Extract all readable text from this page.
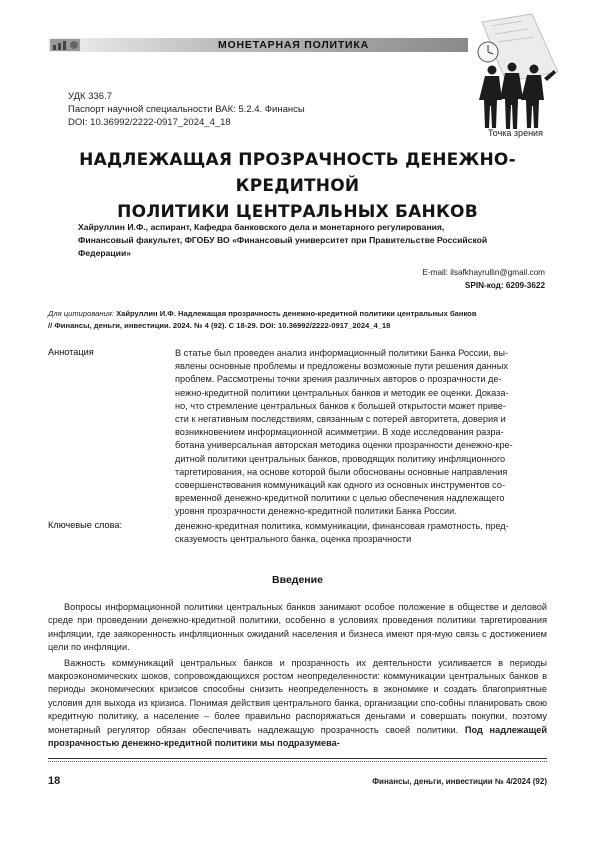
МОНЕТАРНАЯ ПОЛИТИКА
Точка зрения
УДК 336.7
Паспорт научной специальности ВАК: 5.2.4. Финансы
DOI: 10.36992/2222-0917_2024_4_18
НАДЛЕЖАЩАЯ ПРОЗРАЧНОСТЬ ДЕНЕЖНО-КРЕДИТНОЙ
ПОЛИТИКИ ЦЕНТРАЛЬНЫХ БАНКОВ
Хайруллин И.Ф., аспирант, Кафедра банковского дела и монетарного регулирования,
Финансовый факультет, ФГОБУ ВО «Финансовый университет при Правительстве Российской
Федерации»
E-mail: ilsafkhayrullin@gmail.com
SPIN-код: 6209-3622
Для цитирования: Хайруллин И.Ф. Надлежащая прозрачность денежно-кредитной политики центральных банков
// Финансы, деньги, инвестиции. 2024. № 4 (92). С 18-29. DOI: 10.36992/2222-0917_2024_4_18
Аннотация	В статье был проведен анализ информационный политики Банка России, вы-
явлены основные проблемы и предложены возможные пути решения данных
проблем. Рассмотрены точки зрения различных авторов о прозрачности де-
нежно-кредитной политики центральных банков и методик ее оценки. Доказа-
но, что стремление центральных банков к большей открытости может приве-
сти к негативным последствиям, связанным с потерей авторитета, доверия и
возникновением информационной асимметрии. В ходе исследования разра-
ботана универсальная авторская методика оценки прозрачности денежно-кре-
дитной политики центральных банков, проводящих политику инфляционного
таргетирования, на основе которой были обоснованы основные направления
совершенствования коммуникаций как одного из основных инструментов со-
временной денежно-кредитной политики с целью обеспечения надлежащего
уровня прозрачности денежно-кредитной политики Банка России.
Ключевые слова:	денежно-кредитная политика, коммуникации, финансовая грамотность, пред-
сказуемость центрального банка, оценка прозрачности
Введение

Вопросы информационной политики центральных банков занимают особое положение в обществе и деловой среде при проведении денежно-кредитной политики, особенно в условиях проведения политики таргетирования инфляции, где заякоренность инфляционных ожиданий населения и бизнеса имеют пря-мую связь с достижением цели по инфляции.

Важность коммуникаций центральных банков и прозрачность их деятельности усиливается в периоды макроэкономических шоков, сопровождающихся ростом неопределенности: коммуникации центральных банков в периоды экономических кризисов способны снизить неопределенность в экономике и создать благоприятные условия для выхода из кризиса. Понимая действия центрального банка, организации спо-собны планировать свою кредитную политику, а население – более правильно распоряжаться деньгами и совершать покупки, поэтому монетарный регулятор обязан обеспечивать надлежащую прозрачность своей политики. Под надлежащей прозрачностью денежно-кредитной политики мы подразумева-

18	Финансы, деньги, инвестиции № 4/2024 (92)
